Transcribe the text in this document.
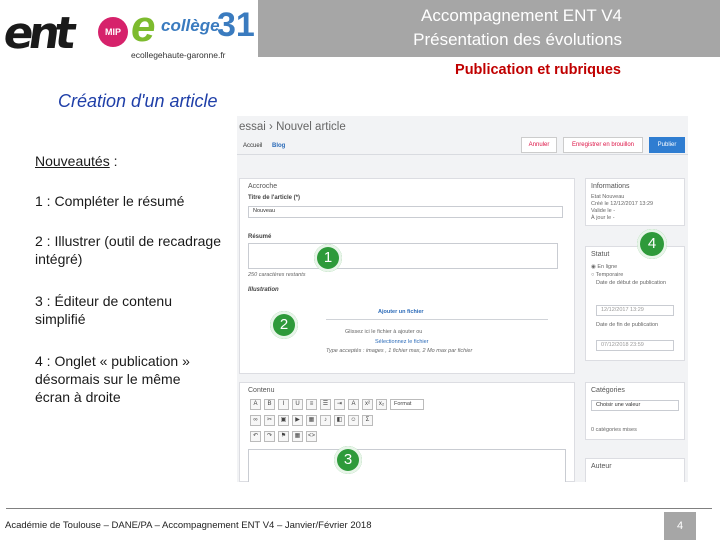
ent	MIP e collège
31
ecollegehaute-garonne.fr
Accompagnement ENT V4
Présentation des évolutions
Publication et rubriques
Création d'un article
Nouveautés :
1 : Compléter le résumé
2 : Illustrer (outil de recadrage intégré)
3 : Éditeur de contenu simplifié
4 : Onglet « publication » désormais sur le même écran à droite
essai › Nouvel article
Accueil Blog	Annuler	Enregistrer en brouillon	Publier
Accroche
Titre de l'article (*)
Nouveau
Résumé
250 caractères restants
Illustration
Ajouter un fichier
Glissez ici le fichier à ajouter ou
Sélectionnez le fichier
Type acceptés : images , 1 fichier max, 2 Mo max par fichier
Contenu
A	B	I	U	≡	☰	⇥	A	x²	x₂	Format
∞	✂	▣	▶	▦	♪	◧	☺	Σ
↶	↷	⚑	▦	<>
Informations
Etat Nouveau
Créé le 12/12/2017 13:29
Valide le -
À jour le -
Statut
◉ En ligne
○ Temporaire
Date de début de publication
12/12/2017 13:29
Date de fin de publication
07/12/2018 23:59
Catégories
Choisir une valeur
0 catégories mises
Auteur
1
2
3
4
Académie de Toulouse – DANE/PA – Accompagnement ENT V4 – Janvier/Février 2018	4
